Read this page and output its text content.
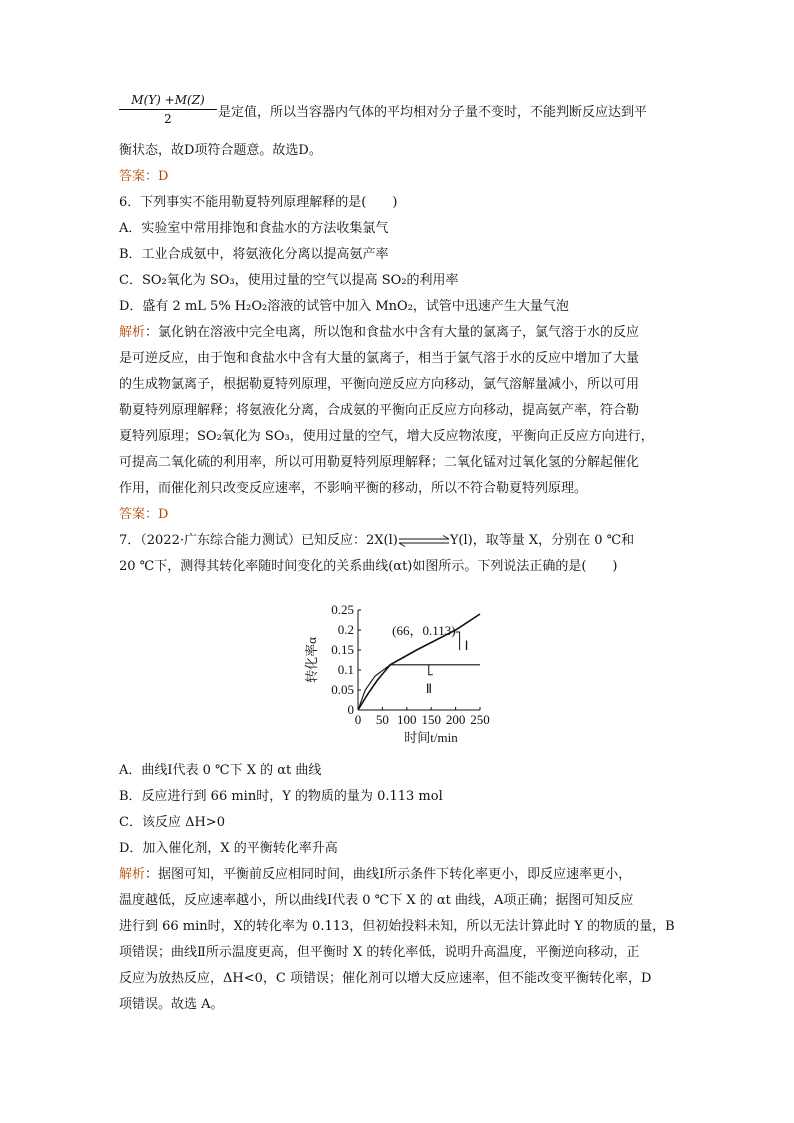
M(Y) +M(Z)
2	是定值，所以当容器内气体的平均相对分子量不变时，不能判断反应达到平
衡状态，故D项符合题意。故选D。
答案：D
6．下列事实不能用勒夏特列原理解释的是(　　)
A．实验室中常用排饱和食盐水的方法收集氯气
B．工业合成氨中，将氨液化分离以提高氨产率
C．SO₂氧化为 SO₃，使用过量的空气以提高 SO₂的利用率
D．盛有 2 mL 5% H₂O₂溶液的试管中加入 MnO₂，试管中迅速产生大量气泡
解析：氯化钠在溶液中完全电离，所以饱和食盐水中含有大量的氯离子，氯气溶于水的反应
是可逆反应，由于饱和食盐水中含有大量的氯离子，相当于氯气溶于水的反应中增加了大量
的生成物氯离子，根据勒夏特列原理，平衡向逆反应方向移动，氯气溶解量减小，所以可用
勒夏特列原理解释；将氨液化分离，合成氨的平衡向正反应方向移动，提高氨产率，符合勒
夏特列原理；SO₂氧化为 SO₃，使用过量的空气，增大反应物浓度，平衡向正反应方向进行，
可提高二氧化硫的利用率，所以可用勒夏特列原理解释；二氧化锰对过氧化氢的分解起催化
作用，而催化剂只改变反应速率，不影响平衡的移动，所以不符合勒夏特列原理。
答案：D
7．（2022·广东综合能力测试）已知反应：2X(l)⇌Y(l)，取等量 X，分别在 0 ℃和
20 ℃下，测得其转化率随时间变化的关系曲线(αt)如图所示。下列说法正确的是(　　)
A．曲线Ⅰ代表 0 ℃下 X 的 αt 曲线
B．反应进行到 66 min时，Y 的物质的量为 0.113 mol
C．该反应 ΔH>0
D．加入催化剂，X 的平衡转化率升高
解析：据图可知，平衡前反应相同时间，曲线Ⅰ所示条件下转化率更小，即反应速率更小，
温度越低，反应速率越小，所以曲线Ⅰ代表 0 ℃下 X 的 αt 曲线，A项正确；据图可知反应
进行到 66 min时，X的转化率为 0.113，但初始投料未知，所以无法计算此时 Y 的物质的量，B
项错误；曲线Ⅱ所示温度更高，但平衡时 X 的转化率低，说明升高温度，平衡逆向移动，正
反应为放热反应，ΔH<0，C 项错误；催化剂可以增大反应速率，但不能改变平衡转化率，D
项错误。故选 A。
0 50 100 150 200 250
0
0.05
0.1
0.15
0.2
0.25
时间t/min
转化率α	Ⅰ
Ⅱ
(66，0.113)
